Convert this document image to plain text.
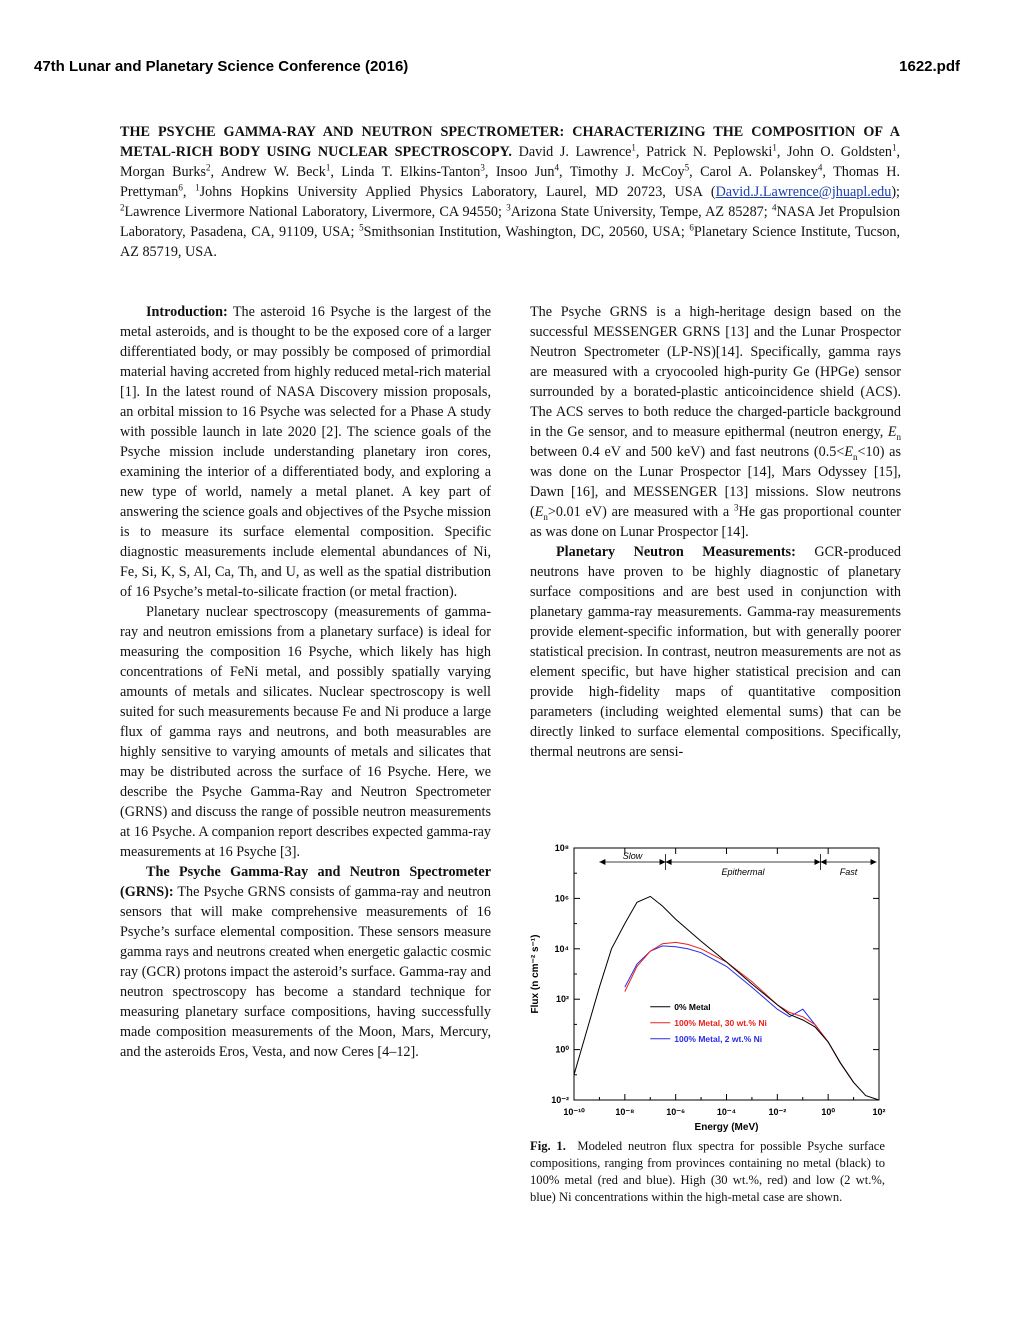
47th Lunar and Planetary Science Conference (2016)	1622.pdf
THE PSYCHE GAMMA-RAY AND NEUTRON SPECTROMETER: CHARACTERIZING THE COMPOSITION OF A METAL-RICH BODY USING NUCLEAR SPECTROSCOPY. David J. Lawrence$^1$, Patrick N. Peplowski$^1$, John O. Goldsten$^1$, Morgan Burks$^2$, Andrew W. Beck$^1$, Linda T. Elkins-Tanton$^3$, Insoo Jun$^4$, Timothy J. McCoy$^5$, Carol A. Polanskey$^4$, Thomas H. Prettyman$^6$, $^1$Johns Hopkins University Applied Physics Laboratory, Laurel, MD 20723, USA (David.J.Lawrence@jhuapl.edu); $^2$Lawrence Livermore National Laboratory, Livermore, CA 94550; $^3$Arizona State University, Tempe, AZ 85287; $^4$NASA Jet Propulsion Laboratory, Pasadena, CA, 91109, USA; $^5$Smithsonian Institution, Washington, DC, 20560, USA; $^6$Planetary Science Institute, Tucson, AZ 85719, USA.

Introduction: The asteroid 16 Psyche is the largest of the metal asteroids, and is thought to be the exposed core of a larger differentiated body, or may possibly be composed of primordial material having accreted from highly reduced metal-rich material [1]. In the latest round of NASA Discovery mission proposals, an orbital mission to 16 Psyche was selected for a Phase A study with possible launch in late 2020 [2]. The science goals of the Psyche mission include understanding planetary iron cores, examining the interior of a differentiated body, and exploring a new type of world, namely a metal planet. A key part of answering the science goals and objectives of the Psyche mission is to measure its surface elemental composition. Specific diagnostic measurements include elemental abundances of Ni, Fe, Si, K, S, Al, Ca, Th, and U, as well as the spatial distribution of 16 Psyche’s metal-to-silicate fraction (or metal fraction).

Planetary nuclear spectroscopy (measurements of gamma-ray and neutron emissions from a planetary surface) is ideal for measuring the composition 16 Psyche, which likely has high concentrations of FeNi metal, and possibly spatially varying amounts of metals and silicates. Nuclear spectroscopy is well suited for such measurements because Fe and Ni produce a large flux of gamma rays and neutrons, and both measurables are highly sensitive to varying amounts of metals and silicates that may be distributed across the surface of 16 Psyche. Here, we describe the Psyche Gamma-Ray and Neutron Spectrometer (GRNS) and discuss the range of possible neutron measurements at 16 Psyche. A companion report describes expected gamma-ray measurements at 16 Psyche [3].

The Psyche Gamma-Ray and Neutron Spectrometer (GRNS): The Psyche GRNS consists of gamma-ray and neutron sensors that will make comprehensive measurements of 16 Psyche’s surface elemental composition. These sensors measure gamma rays and neutrons created when energetic galactic cosmic ray (GCR) protons impact the asteroid’s surface. Gamma-ray and neutron spectroscopy has become a standard technique for measuring planetary surface compositions, having successfully made composition measurements of the Moon, Mars, Mercury, and the asteroids Eros, Vesta, and now Ceres [4–12].

The Psyche GRNS is a high-heritage design based on the successful MESSENGER GRNS [13] and the Lunar Prospector Neutron Spectrometer (LP-NS)[14]. Specifically, gamma rays are measured with a cryocooled high-purity Ge (HPGe) sensor surrounded by a borated-plastic anticoincidence shield (ACS). The ACS serves to both reduce the charged-particle background in the Ge sensor, and to measure epithermal (neutron energy, $E_n$ between 0.4 eV and 500 keV) and fast neutrons $(0.5<E_n<10)$ as was done on the Lunar Prospector [14], Mars Odyssey [15], Dawn [16], and MESSENGER [13] missions. Slow neutrons ($E_n>0.01$ eV) are measured with a $^3$He gas proportional counter as was done on Lunar Prospector [14].

Planetary Neutron Measurements: GCR-produced neutrons have proven to be highly diagnostic of planetary surface compositions and are best used in conjunction with planetary gamma-ray measurements. Gamma-ray measurements provide element-specific information, but with generally poorer statistical precision. In contrast, neutron measurements are not as element specific, but have higher statistical precision and can provide high-fidelity maps of quantitative composition parameters (including weighted elemental sums) that can be directly linked to surface elemental compositions. Specifically, thermal neutrons are sensi-

10⁻¹⁰	10⁻⁸	10⁻⁶	10⁻⁴	10⁻²	10⁰	10²
10⁻²
10⁰
10²
10⁴
10⁶
10⁸
Energy (MeV)
Flux (n cm⁻² s⁻¹)
Slow
Epithermal	Fast
0% Metal
100% Metal, 30 wt.% Ni
100% Metal, 2 wt.% Ni
Fig. 1. Modeled neutron flux spectra for possible Psyche surface compositions, ranging from provinces containing no metal (black) to 100% metal (red and blue). High (30 wt.%, red) and low (2 wt.%, blue) Ni concentrations within the high-metal case are shown.
